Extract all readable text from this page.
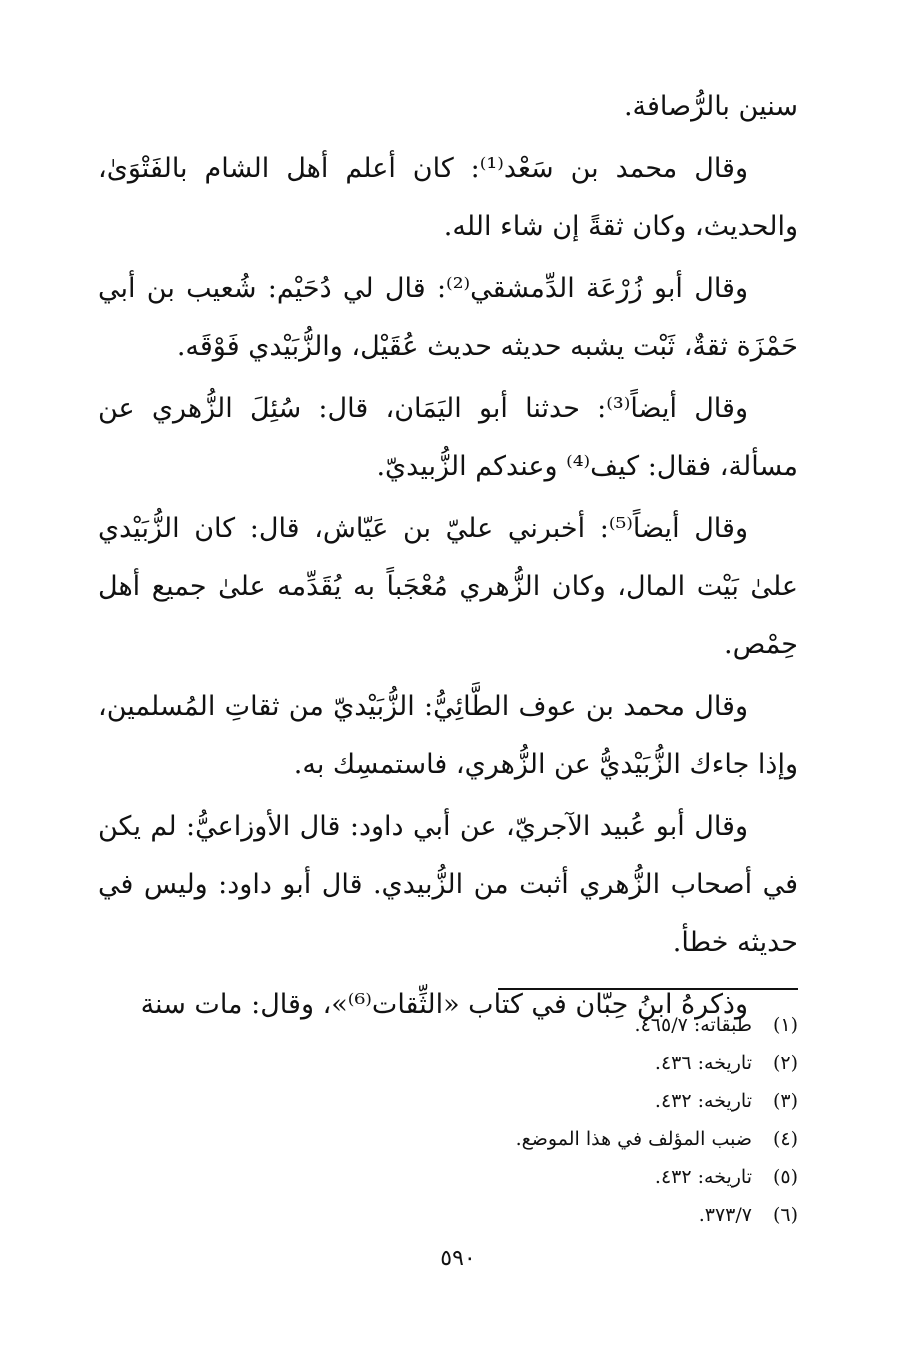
سنين بالرُّصافة.

وقال محمد بن سَعْد⁽¹⁾: كان أعلم أهل الشام بالفَتْوَىٰ، والحديث، وكان ثقةً إن شاء الله.

وقال أبو زُرْعَة الدِّمشقي⁽²⁾: قال لي دُحَيْم: شُعيب بن أبي حَمْزَة ثقةٌ، ثَبْت يشبه حديثه حديث عُقَيْل، والزُّبَيْدي فَوْقَه.

وقال أيضاً⁽³⁾: حدثنا أبو اليَمَان، قال: سُئِلَ الزُّهري عن مسألة، فقال: كيف⁽⁴⁾ وعندكم الزُّبيديّ.

وقال أيضاً⁽⁵⁾: أخبرني عليّ بن عَيّاش، قال: كان الزُّبَيْدي علىٰ بَيْت المال، وكان الزُّهري مُعْجَباً به يُقَدِّمه علىٰ جميع أهل حِمْص.

وقال محمد بن عوف الطَّائِيُّ: الزُّبَيْديّ من ثقاتِ المُسلمين، وإذا جاءك الزُّبَيْديُّ عن الزُّهري، فاستمسِك به.

وقال أبو عُبيد الآجريّ، عن أبي داود: قال الأوزاعيُّ: لم يكن في أصحاب الزُّهري أثبت من الزُّبيدي. قال أبو داود: وليس في حديثه خطأ.

وذكرهُ ابنُ حِبّان في كتاب «الثِّقات⁽⁶⁾»، وقال: مات سنة

(١)
طبقاته: ٤٦٥/٧.
(٢)
تاريخه: ٤٣٦.
(٣)
تاريخه: ٤٣٢.
(٤)
ضبب المؤلف في هذا الموضع.
(٥)
تاريخه: ٤٣٢.
(٦)
٣٧٣/٧.
٥٩٠
